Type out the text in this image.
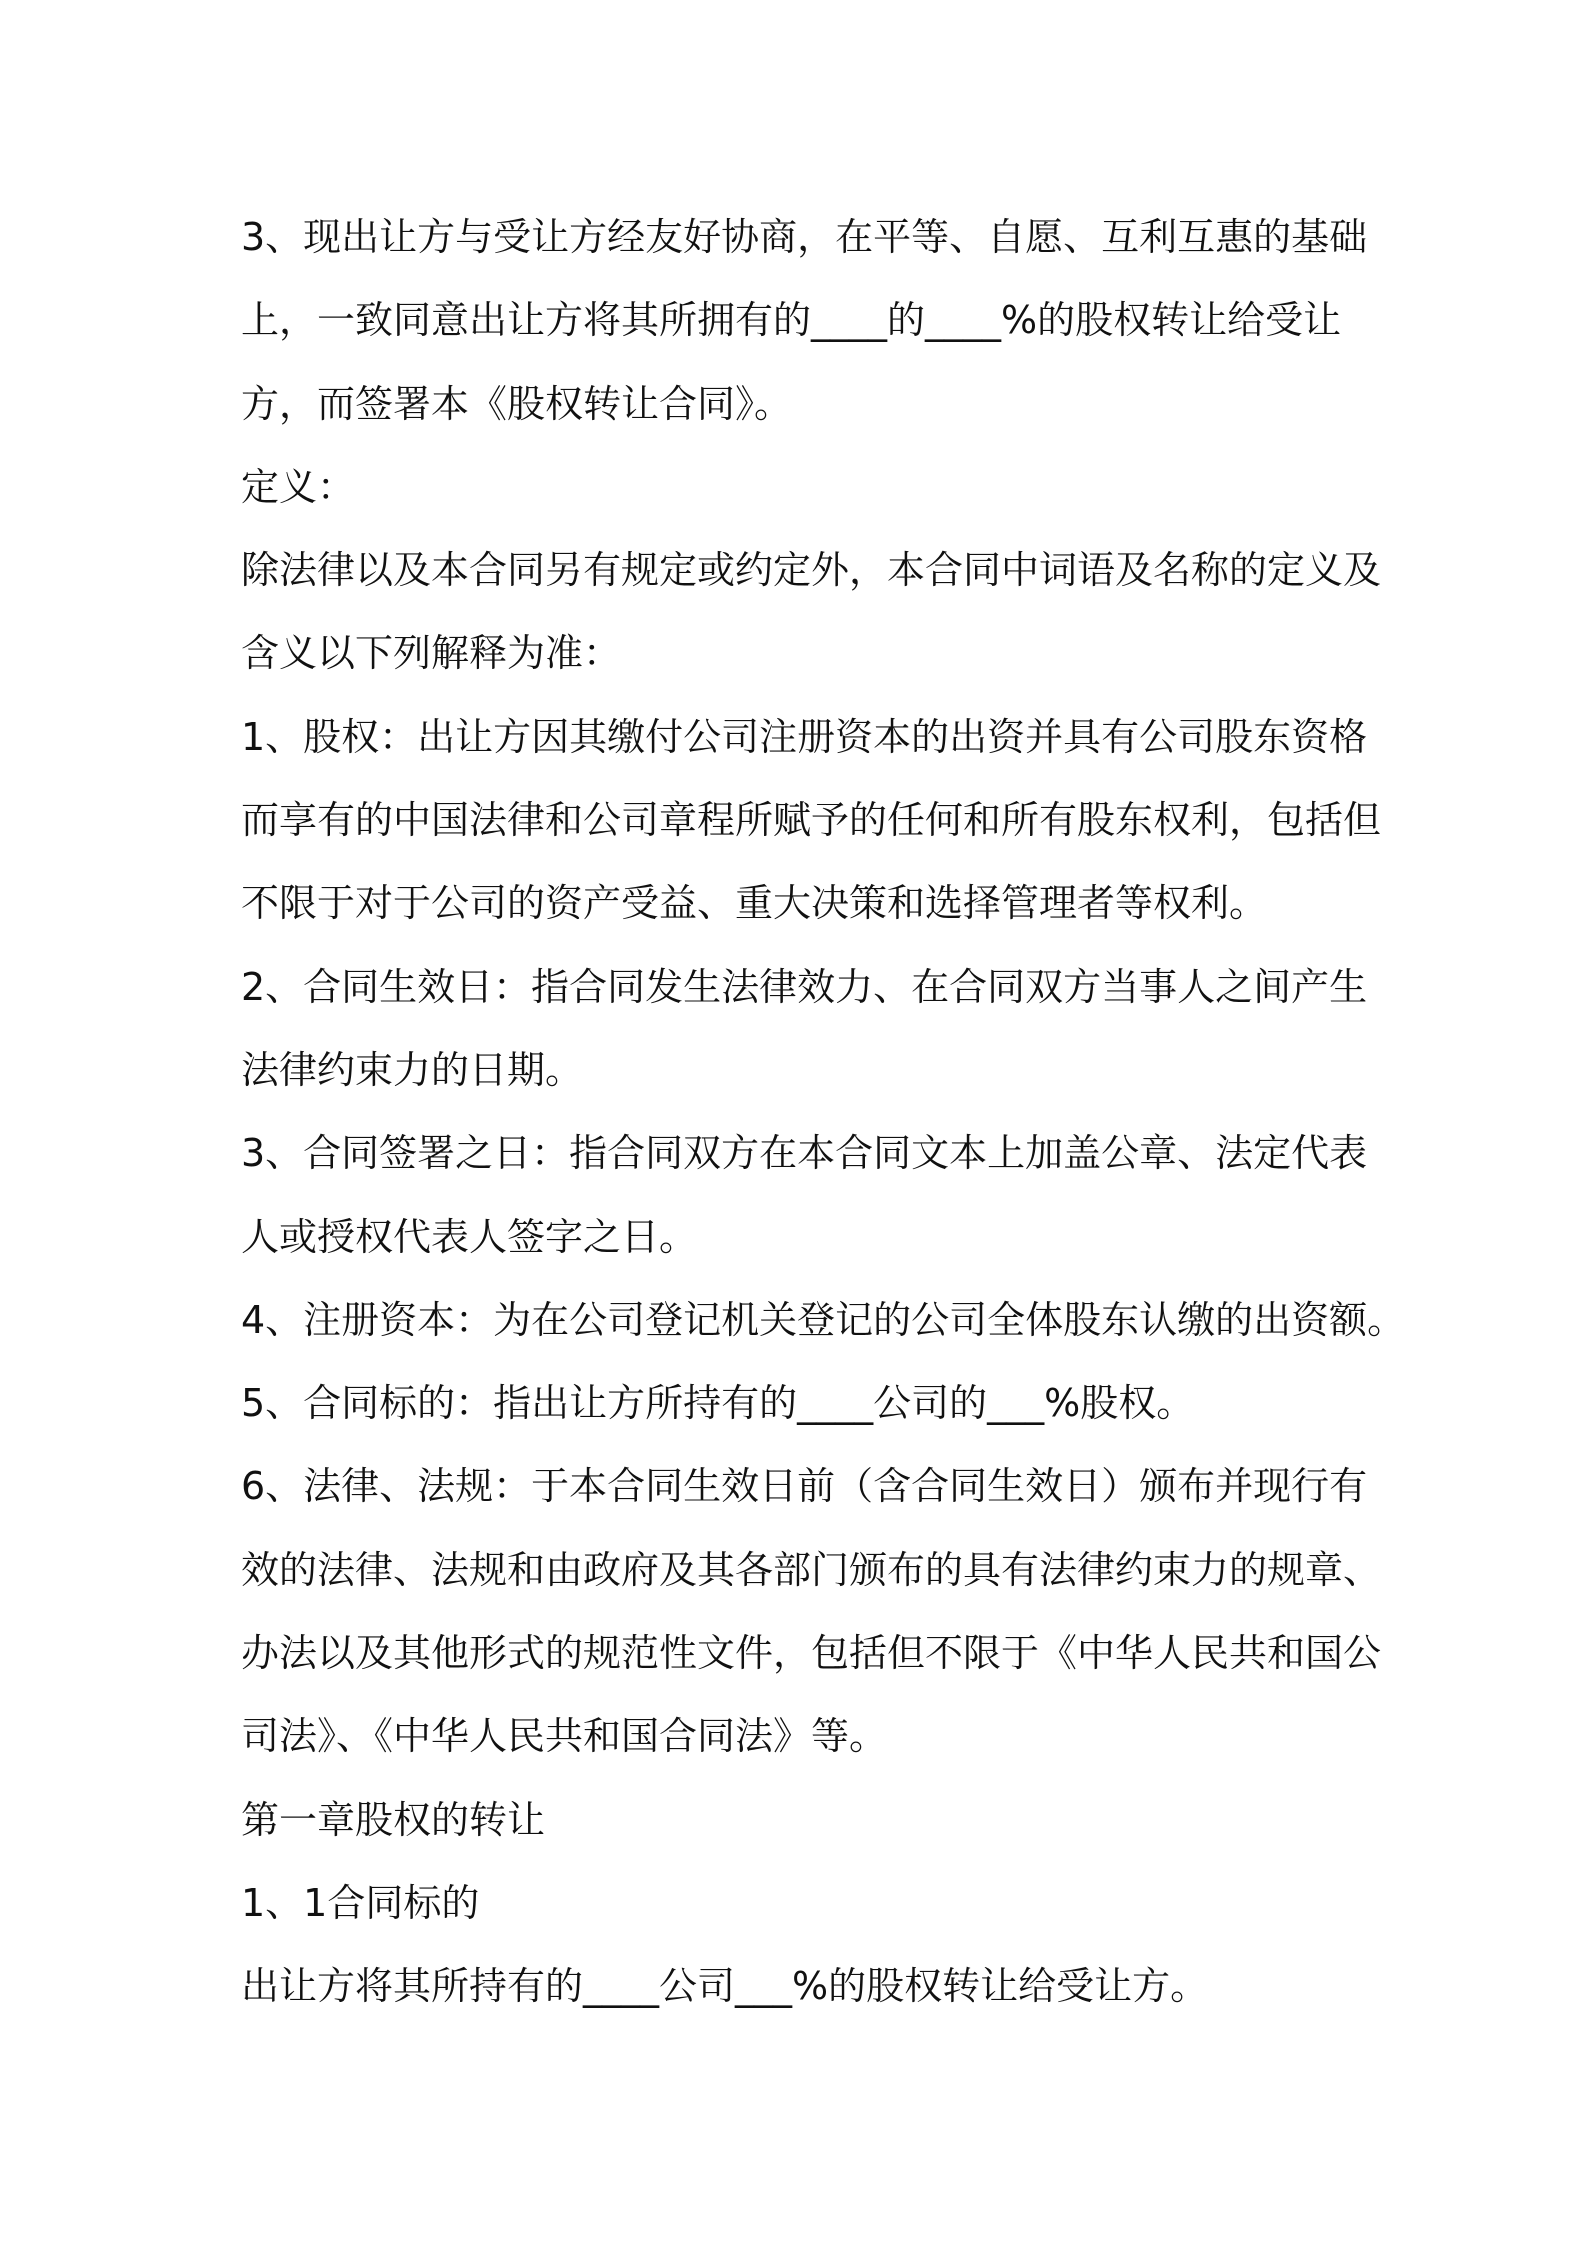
3、现出让方与受让方经友好协商，在平等、自愿、互利互惠的基础
上，一致同意出让方将其所拥有的____的____%的股权转让给受让
方，而签署本《股权转让合同》。
定义：
除法律以及本合同另有规定或约定外，本合同中词语及名称的定义及
含义以下列解释为准：
1、股权：出让方因其缴付公司注册资本的出资并具有公司股东资格
而享有的中国法律和公司章程所赋予的任何和所有股东权利，包括但
不限于对于公司的资产受益、重大决策和选择管理者等权利。
2、合同生效日：指合同发生法律效力、在合同双方当事人之间产生
法律约束力的日期。
3、合同签署之日：指合同双方在本合同文本上加盖公章、法定代表
人或授权代表人签字之日。
4、注册资本：为在公司登记机关登记的公司全体股东认缴的出资额。
5、合同标的：指出让方所持有的____公司的___%股权。
6、法律、法规：于本合同生效日前（含合同生效日）颁布并现行有
效的法律、法规和由政府及其各部门颁布的具有法律约束力的规章、
办法以及其他形式的规范性文件，包括但不限于《中华人民共和国公
司法》、《中华人民共和国合同法》等。
第一章股权的转让
1、1合同标的
出让方将其所持有的____公司___%的股权转让给受让方。
